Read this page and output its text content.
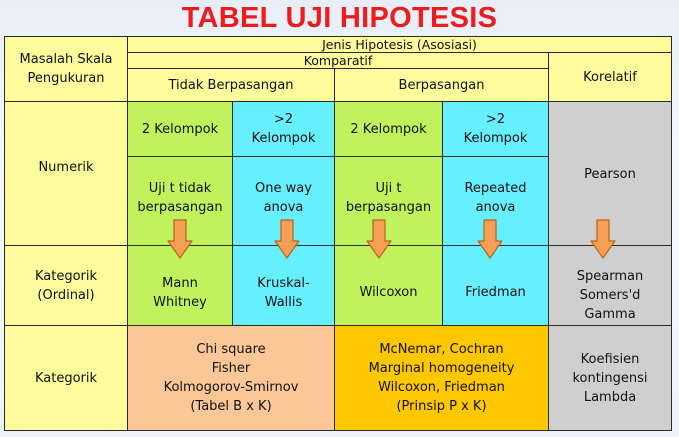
TABEL UJI HIPOTESIS
Masalah Skala
Pengukuran
Jenis Hipotesis (Asosiasi)
Komparatif
Korelatif
Tidak Berpasangan	Berpasangan
Numerik
2 Kelompok
>2
Kelompok
2 Kelompok
>2
Kelompok
Uji t tidak
berpasangan
One way
anova
Uji t
berpasangan
Repeated
anova
Pearson
Kategorik
(Ordinal)
Mann
Whitney
Kruskal-
Wallis
Wilcoxon	Friedman
Spearman
Somers'd
Gamma
Kategorik
Chi square
Fisher
Kolmogorov-Smirnov
(Tabel B x K)
McNemar, Cochran
Marginal homogeneity
Wilcoxon, Friedman
(Prinsip P x K)
Koefisien
kontingensi
Lambda
